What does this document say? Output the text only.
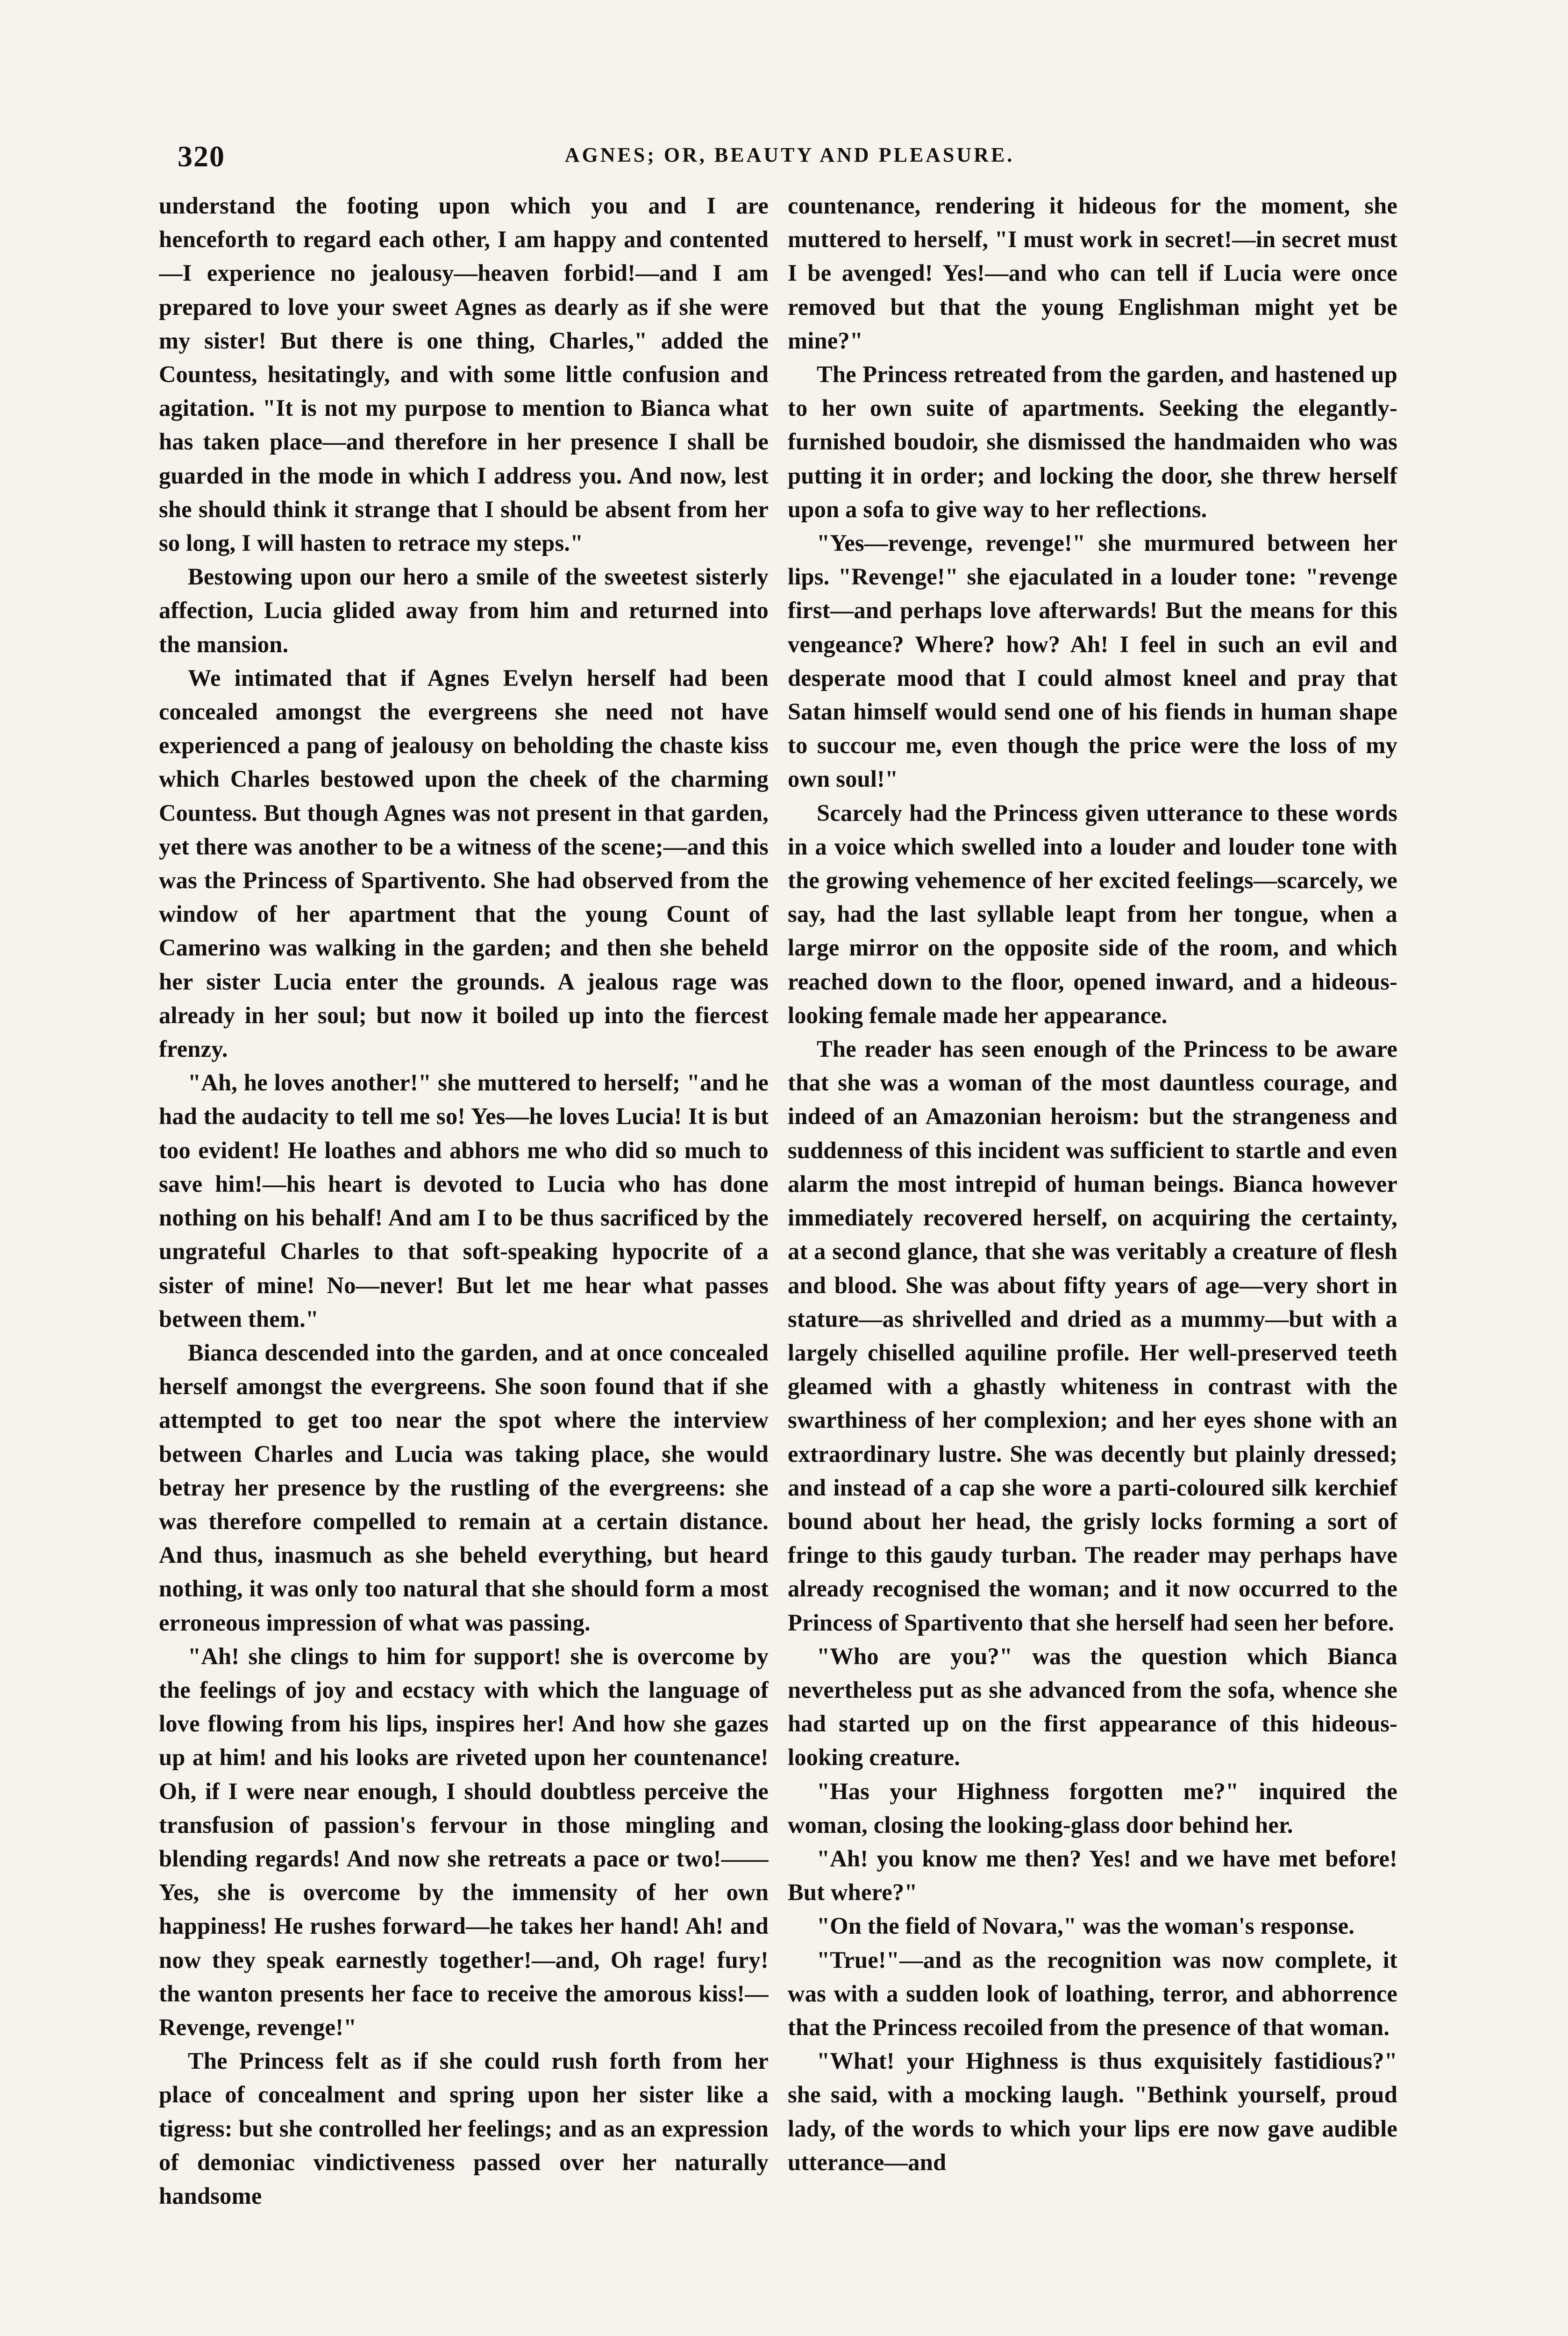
320	AGNES; OR, BEAUTY AND PLEASURE.

understand the footing upon which you and I are henceforth to regard each other, I am happy and contented—I experience no jealousy—heaven forbid!—and I am prepared to love your sweet Agnes as dearly as if she were my sister! But there is one thing, Charles," added the Countess, hesitatingly, and with some little confusion and agitation. "It is not my purpose to mention to Bianca what has taken place—and therefore in her presence I shall be guarded in the mode in which I address you. And now, lest she should think it strange that I should be absent from her so long, I will hasten to retrace my steps."

Bestowing upon our hero a smile of the sweetest sisterly affection, Lucia glided away from him and returned into the mansion.

We intimated that if Agnes Evelyn herself had been concealed amongst the evergreens she need not have experienced a pang of jealousy on beholding the chaste kiss which Charles bestowed upon the cheek of the charming Countess. But though Agnes was not present in that garden, yet there was another to be a witness of the scene;—and this was the Princess of Spartivento. She had observed from the window of her apartment that the young Count of Camerino was walking in the garden; and then she beheld her sister Lucia enter the grounds. A jealous rage was already in her soul; but now it boiled up into the fiercest frenzy.

"Ah, he loves another!" she muttered to herself; "and he had the audacity to tell me so! Yes—he loves Lucia! It is but too evident! He loathes and abhors me who did so much to save him!—his heart is devoted to Lucia who has done nothing on his behalf! And am I to be thus sacrificed by the ungrateful Charles to that soft-speaking hypocrite of a sister of mine! No—never! But let me hear what passes between them."

Bianca descended into the garden, and at once concealed herself amongst the evergreens. She soon found that if she attempted to get too near the spot where the interview between Charles and Lucia was taking place, she would betray her presence by the rustling of the evergreens: she was therefore compelled to remain at a certain distance. And thus, inasmuch as she beheld everything, but heard nothing, it was only too natural that she should form a most erroneous impression of what was passing.

"Ah! she clings to him for support! she is overcome by the feelings of joy and ecstacy with which the language of love flowing from his lips, inspires her! And how she gazes up at him! and his looks are riveted upon her countenance! Oh, if I were near enough, I should doubtless perceive the transfusion of passion's fervour in those mingling and blending regards! And now she retreats a pace or two!——Yes, she is overcome by the immensity of her own happiness! He rushes forward—he takes her hand! Ah! and now they speak earnestly together!—and, Oh rage! fury! the wanton presents her face to receive the amorous kiss!—Revenge, revenge!"

The Princess felt as if she could rush forth from her place of concealment and spring upon her sister like a tigress: but she controlled her feelings; and as an expression of demoniac vindictiveness passed over her naturally handsome

countenance, rendering it hideous for the moment, she muttered to herself, "I must work in secret!—in secret must I be avenged! Yes!—and who can tell if Lucia were once removed but that the young Englishman might yet be mine?"

The Princess retreated from the garden, and hastened up to her own suite of apartments. Seeking the elegantly-furnished boudoir, she dismissed the handmaiden who was putting it in order; and locking the door, she threw herself upon a sofa to give way to her reflections.

"Yes—revenge, revenge!" she murmured between her lips. "Revenge!" she ejaculated in a louder tone: "revenge first—and perhaps love afterwards! But the means for this vengeance? Where? how? Ah! I feel in such an evil and desperate mood that I could almost kneel and pray that Satan himself would send one of his fiends in human shape to succour me, even though the price were the loss of my own soul!"

Scarcely had the Princess given utterance to these words in a voice which swelled into a louder and louder tone with the growing vehemence of her excited feelings—scarcely, we say, had the last syllable leapt from her tongue, when a large mirror on the opposite side of the room, and which reached down to the floor, opened inward, and a hideous-looking female made her appearance.

The reader has seen enough of the Princess to be aware that she was a woman of the most dauntless courage, and indeed of an Amazonian heroism: but the strangeness and suddenness of this incident was sufficient to startle and even alarm the most intrepid of human beings. Bianca however immediately recovered herself, on acquiring the certainty, at a second glance, that she was veritably a creature of flesh and blood. She was about fifty years of age—very short in stature—as shrivelled and dried as a mummy—but with a largely chiselled aquiline profile. Her well-preserved teeth gleamed with a ghastly whiteness in contrast with the swarthiness of her complexion; and her eyes shone with an extraordinary lustre. She was decently but plainly dressed; and instead of a cap she wore a parti-coloured silk kerchief bound about her head, the grisly locks forming a sort of fringe to this gaudy turban. The reader may perhaps have already recognised the woman; and it now occurred to the Princess of Spartivento that she herself had seen her before.

"Who are you?" was the question which Bianca nevertheless put as she advanced from the sofa, whence she had started up on the first appearance of this hideous-looking creature.

"Has your Highness forgotten me?" inquired the woman, closing the looking-glass door behind her.

"Ah! you know me then? Yes! and we have met before! But where?"

"On the field of Novara," was the woman's response.

"True!"—and as the recognition was now complete, it was with a sudden look of loathing, terror, and abhorrence that the Princess recoiled from the presence of that woman.

"What! your Highness is thus exquisitely fastidious?" she said, with a mocking laugh. "Bethink yourself, proud lady, of the words to which your lips ere now gave audible utterance—and
